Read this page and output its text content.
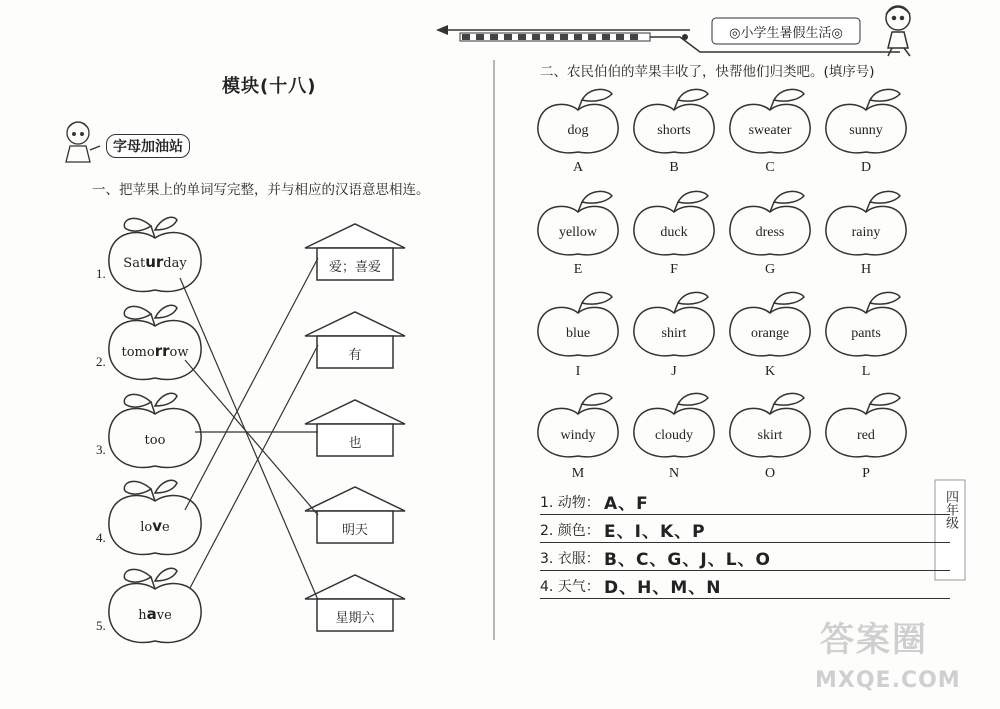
◎小学生暑假生活◎
模块(十八)
字母加油站
一、把苹果上的单词写完整，并与相应的汉语意思相连。
1.
2.
3.
4.
5.
Saturday
tomorrow
too
love
have
爱；喜爱
有
也
明天
星期六
二、农民伯伯的苹果丰收了，快帮他们归类吧。(填序号)
dog	shorts	sweater	sunny
A	B	C	D
yellow	duck	dress	rainy
E	F	G	H
blue	shirt	orange	pants
I	J	K	L
windy	cloudy	skirt	red
M	N	O	P
1. 动物： A、F
2. 颜色： E、I、K、P
3. 衣服： B、C、G、J、L、O
4. 天气： D、H、M、N
四年级
答案圈
MXQE.COM
